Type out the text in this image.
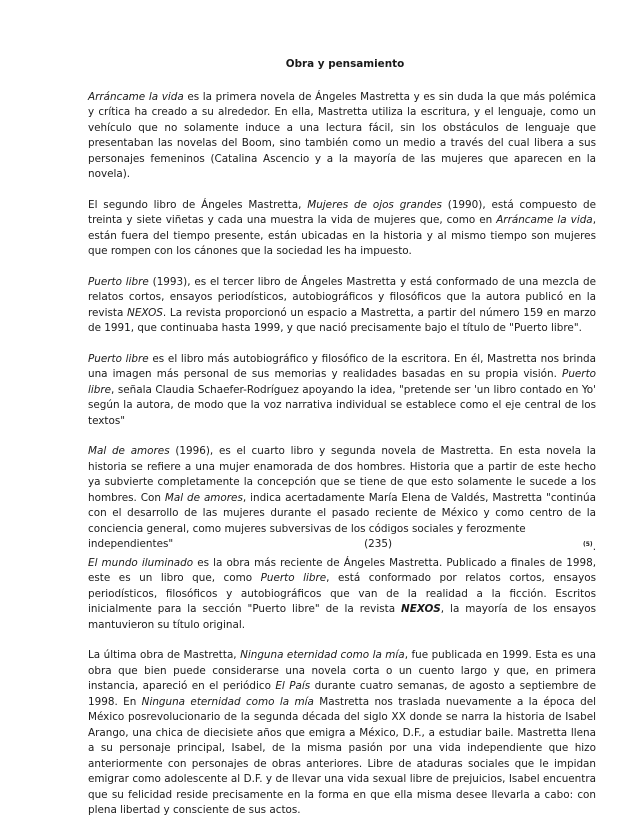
Obra y pensamiento

Arráncame la vida es la primera novela de Ángeles Mastretta y es sin duda la que más polémica y crítica ha creado a su alrededor. En ella, Mastretta utiliza la escritura, y el lenguaje, como un vehículo que no solamente induce a una lectura fácil, sin los obstáculos de lenguaje que presentaban las novelas del Boom, sino también como un medio a través del cual libera a sus personajes femeninos (Catalina Ascencio y a la mayoría de las mujeres que aparecen en la novela).

El segundo libro de Ángeles Mastretta, Mujeres de ojos grandes (1990), está compuesto de treinta y siete viñetas y cada una muestra la vida de mujeres que, como en Arráncame la vida, están fuera del tiempo presente, están ubicadas en la historia y al mismo tiempo son mujeres que rompen con los cánones que la sociedad les ha impuesto.

Puerto libre (1993), es el tercer libro de Ángeles Mastretta y está conformado de una mezcla de relatos cortos, ensayos periodísticos, autobiográficos y filosóficos que la autora publicó en la revista NEXOS. La revista proporcionó un espacio a Mastretta, a partir del número 159 en marzo de 1991, que continuaba hasta 1999, y que nació precisamente bajo el título de "Puerto libre".

Puerto libre es el libro más autobiográfico y filosófico de la escritora. En él, Mastretta nos brinda una imagen más personal de sus memorias y realidades basadas en su propia visión. Puerto libre, señala Claudia Schaefer-Rodríguez apoyando la idea, "pretende ser 'un libro contado en Yo' según la autora, de modo que la voz narrativa individual se establece como el eje central de los textos"

Mal de amores (1996), es el cuarto libro y segunda novela de Mastretta. En esta novela la historia se refiere a una mujer enamorada de dos hombres. Historia que a partir de este hecho ya subvierte completamente la concepción que se tiene de que esto solamente le sucede a los hombres. Con Mal de amores, indica acertadamente María Elena de Valdés, Mastretta "continúa con el desarrollo de las mujeres durante el pasado reciente de México y como centro de la conciencia general, como mujeres subversivas de los códigos sociales y ferozmente

independientes"	(235)	$^{(5)}$.

El mundo iluminado es la obra más reciente de Ángeles Mastretta. Publicado a finales de 1998, este es un libro que, como Puerto libre, está conformado por relatos cortos, ensayos periodísticos, filosóficos y autobiográficos que van de la realidad a la ficción. Escritos inicialmente para la sección "Puerto libre" de la revista NEXOS, la mayoría de los ensayos mantuvieron su título original.

La última obra de Mastretta, Ninguna eternidad como la mía, fue publicada en 1999. Esta es una obra que bien puede considerarse una novela corta o un cuento largo y que, en primera instancia, apareció en el periódico El País durante cuatro semanas, de agosto a septiembre de 1998. En Ninguna eternidad como la mía Mastretta nos traslada nuevamente a la época del México posrevolucionario de la segunda década del siglo XX donde se narra la historia de Isabel Arango, una chica de diecisiete años que emigra a México, D.F., a estudiar baile. Mastretta llena a su personaje principal, Isabel, de la misma pasión por una vida independiente que hizo anteriormente con personajes de obras anteriores. Libre de ataduras sociales que le impidan emigrar como adolescente al D.F. y de llevar una vida sexual libre de prejuicios, Isabel encuentra que su felicidad reside precisamente en la forma en que ella misma desee llevarla a cabo: con plena libertad y consciente de sus actos.
